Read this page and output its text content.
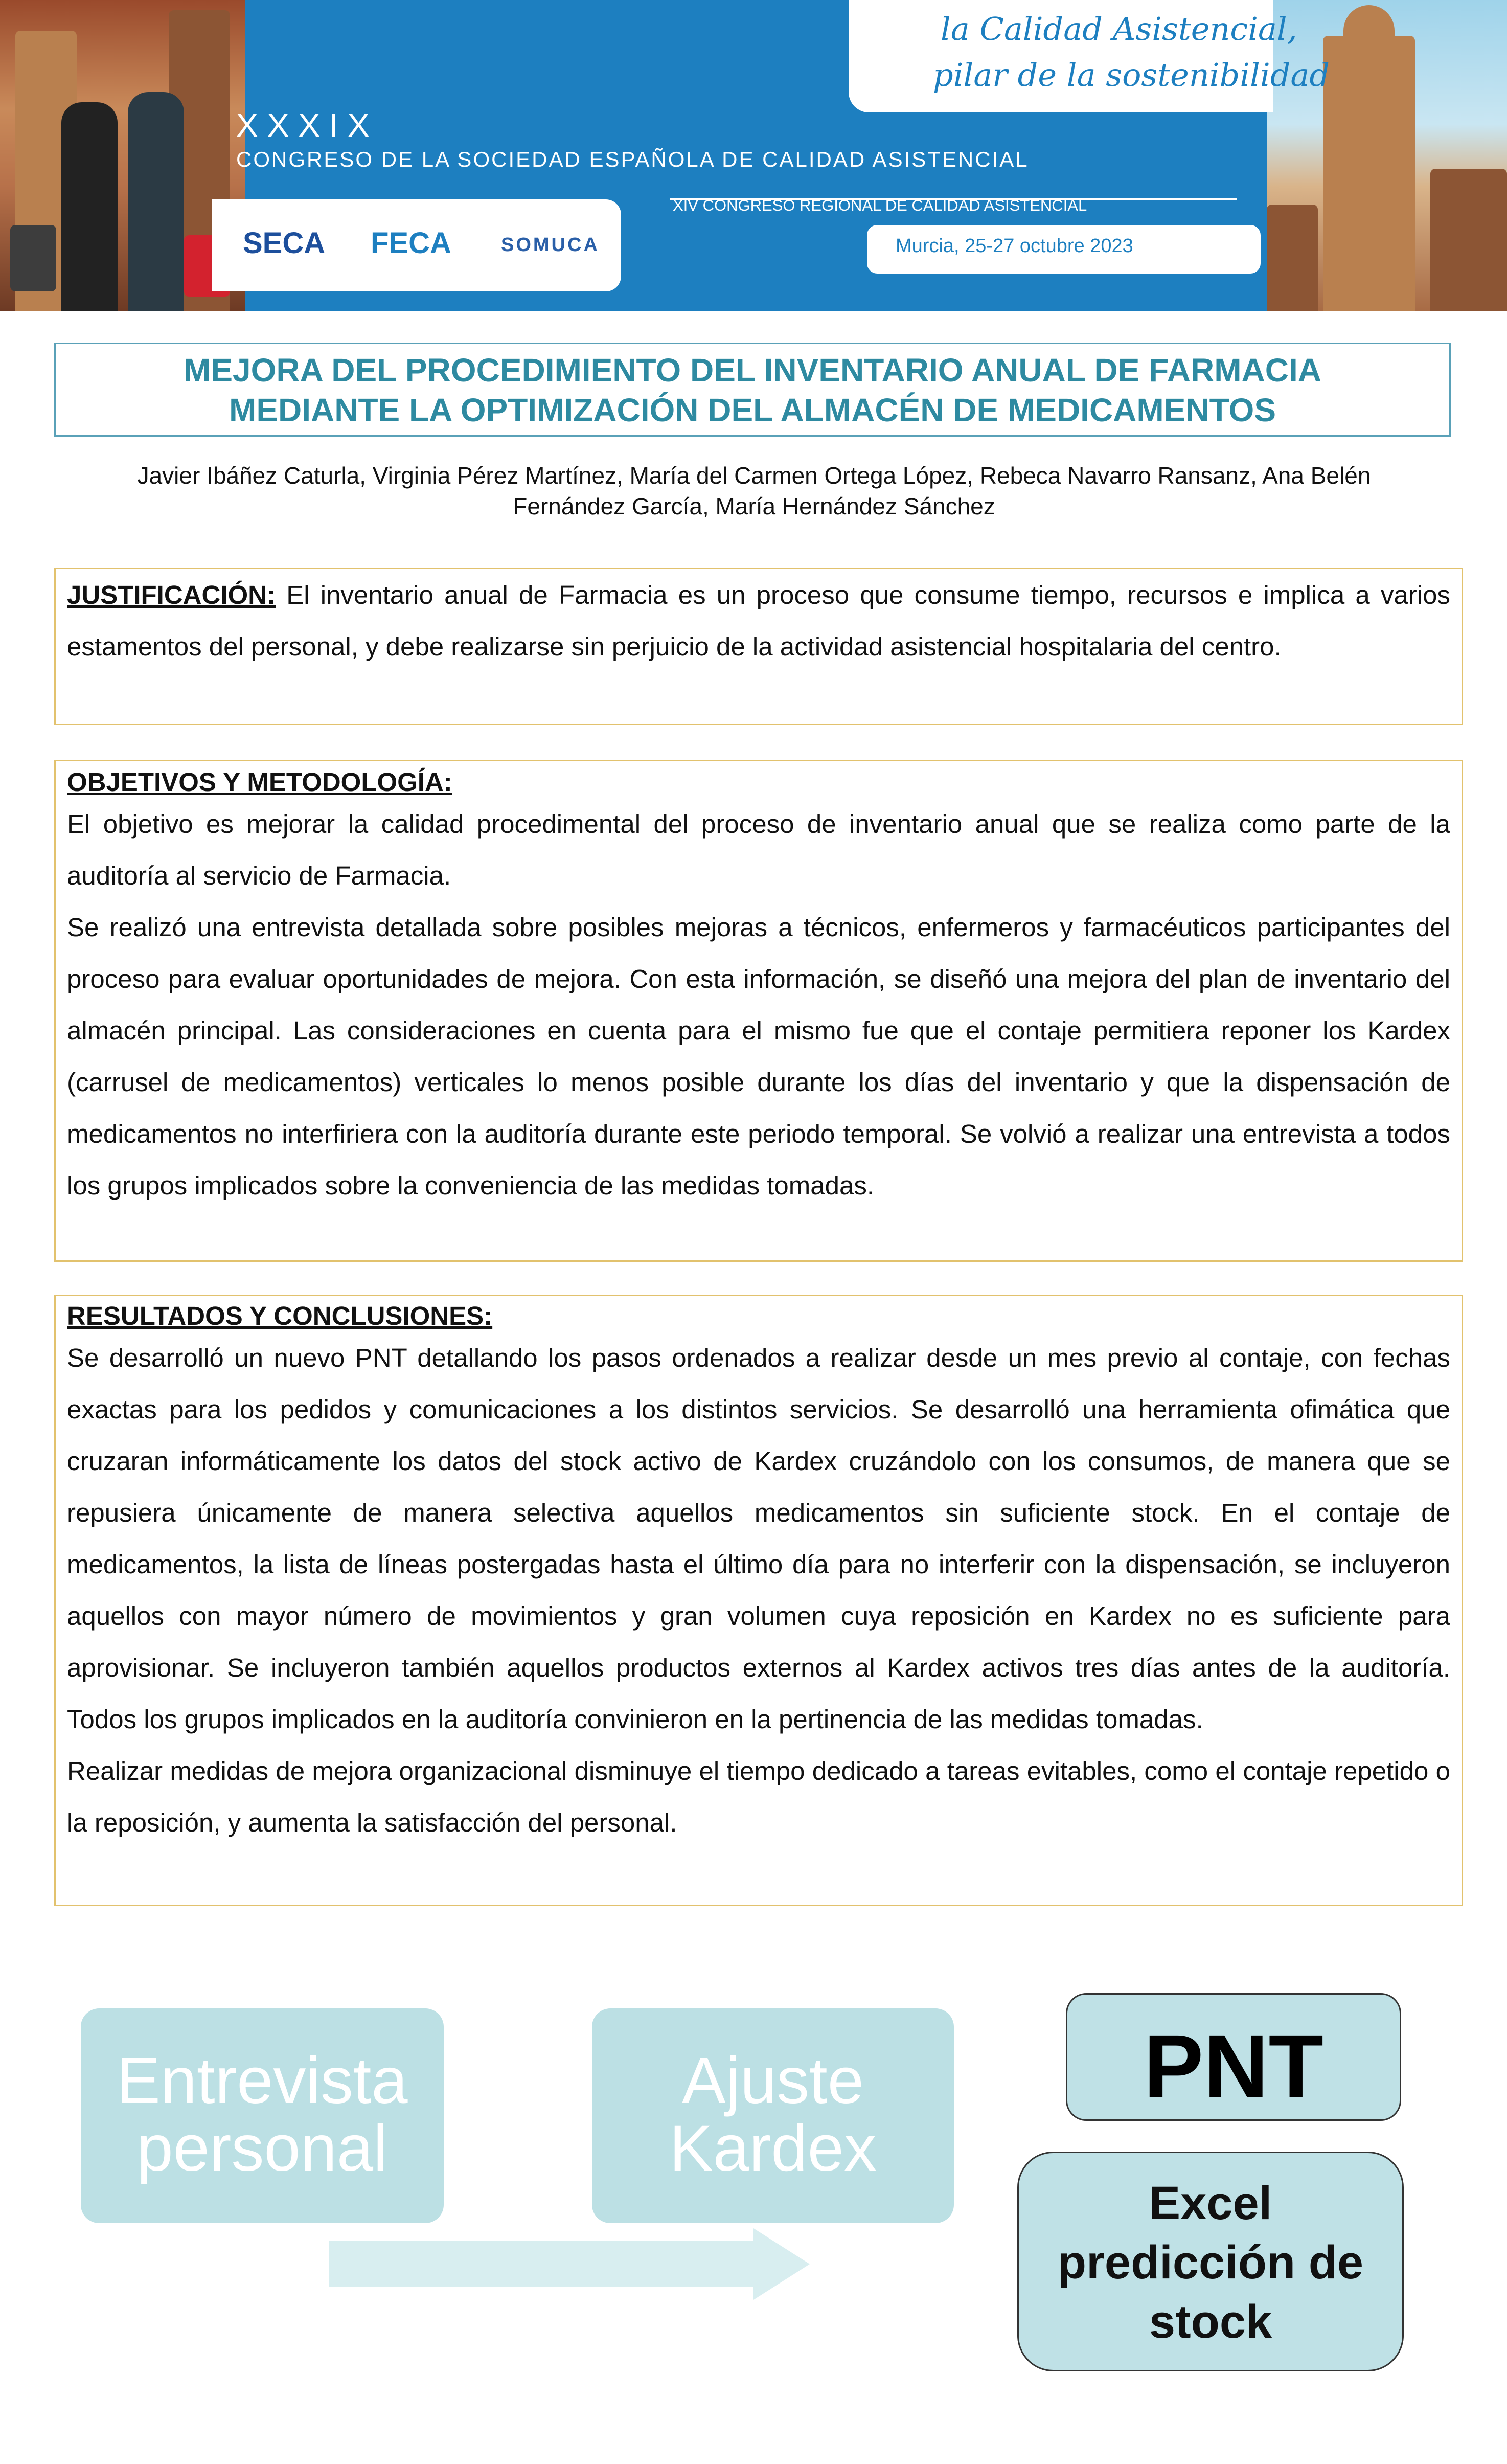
la Calidad Asistencial,
pilar de la sostenibilidad
XXXIX
CONGRESO DE LA SOCIEDAD ESPAÑOLA DE CALIDAD ASISTENCIAL
XIV CONGRESO REGIONAL DE CALIDAD ASISTENCIAL
SECA FECA	SOMUCA	Murcia, 25-27 octubre 2023
MEJORA DEL PROCEDIMIENTO DEL INVENTARIO ANUAL DE FARMACIA
MEDIANTE LA OPTIMIZACIÓN DEL ALMACÉN DE MEDICAMENTOS
Javier Ibáñez Caturla, Virginia Pérez Martínez, María del Carmen Ortega López, Rebeca Navarro Ransanz, Ana Belén Fernández García, María Hernández Sánchez

JUSTIFICACIÓN: El inventario anual de Farmacia es un proceso que consume tiempo, recursos e implica a varios estamentos del personal, y debe realizarse sin perjuicio de la actividad asistencial hospitalaria del centro.

OBJETIVOS Y METODOLOGÍA:

El objetivo es mejorar la calidad procedimental del proceso de inventario anual que se realiza como parte de la auditoría al servicio de Farmacia.

Se realizó una entrevista detallada sobre posibles mejoras a técnicos, enfermeros y farmacéuticos participantes del proceso para evaluar oportunidades de mejora. Con esta información, se diseñó una mejora del plan de inventario del almacén principal. Las consideraciones en cuenta para el mismo fue que el contaje permitiera reponer los Kardex (carrusel de medicamentos) verticales lo menos posible durante los días del inventario y que la dispensación de medicamentos no interfiriera con la auditoría durante este periodo temporal. Se volvió a realizar una entrevista a todos los grupos implicados sobre la conveniencia de las medidas tomadas.

RESULTADOS Y CONCLUSIONES:

Se desarrolló un nuevo PNT detallando los pasos ordenados a realizar desde un mes previo al contaje, con fechas exactas para los pedidos y comunicaciones a los distintos servicios. Se desarrolló una herramienta ofimática que cruzaran informáticamente los datos del stock activo de Kardex cruzándolo con los consumos, de manera que se repusiera únicamente de manera selectiva aquellos medicamentos sin suficiente stock. En el contaje de medicamentos, la lista de líneas postergadas hasta el último día para no interferir con la dispensación, se incluyeron aquellos con mayor número de movimientos y gran volumen cuya reposición en Kardex no es suficiente para aprovisionar. Se incluyeron también aquellos productos externos al Kardex activos tres días antes de la auditoría. Todos los grupos implicados en la auditoría convinieron en la pertinencia de las medidas tomadas.

Realizar medidas de mejora organizacional disminuye el tiempo dedicado a tareas evitables, como el contaje repetido o la reposición, y aumenta la satisfacción del personal.

Entrevista
personal
Ajuste
Kardex
PNT
Excel
predicción de
stock
